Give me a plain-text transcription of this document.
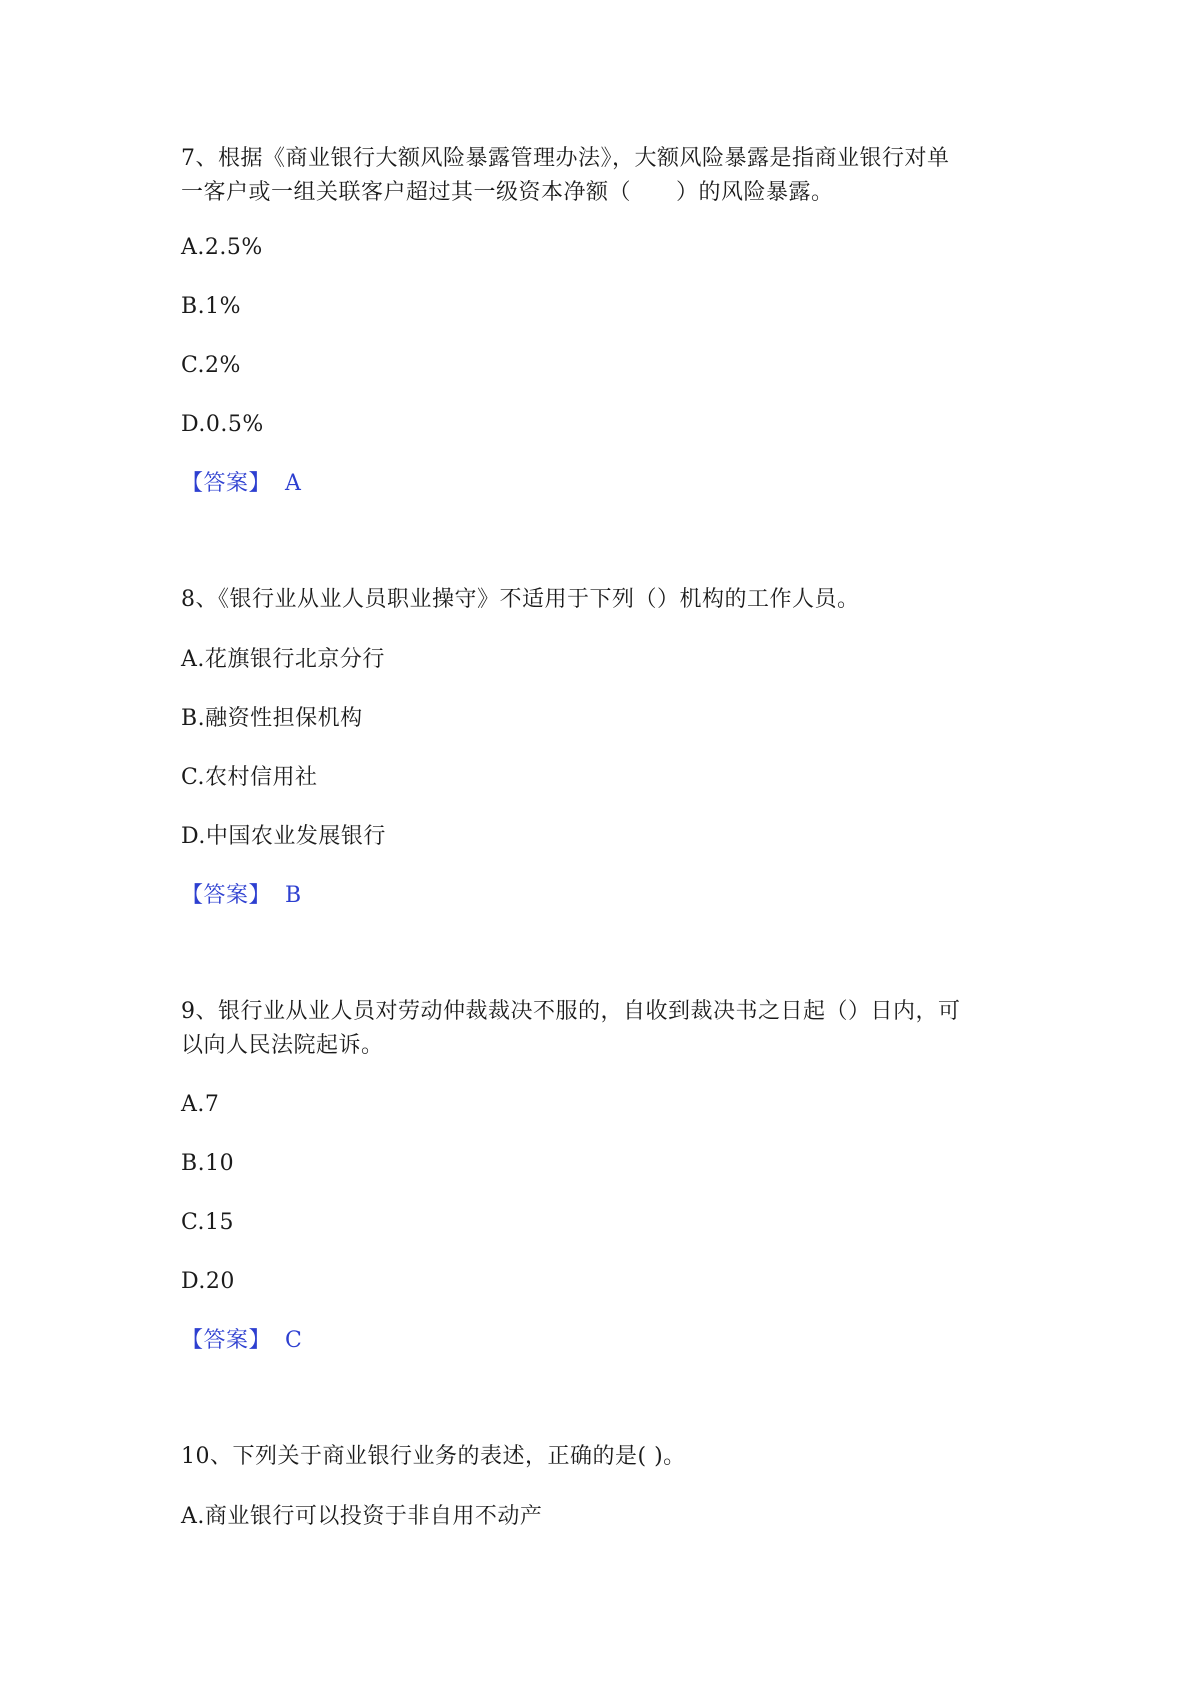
7、根据《商业银行大额风险暴露管理办法》，大额风险暴露是指商业银行对单
一客户或一组关联客户超过其一级资本净额（　　）的风险暴露。
A.2.5%
B.1%
C.2%
D.0.5%
【答案】 A
8、《银行业从业人员职业操守》不适用于下列（）机构的工作人员。
A.花旗银行北京分行
B.融资性担保机构
C.农村信用社
D.中国农业发展银行
【答案】 B
9、银行业从业人员对劳动仲裁裁决不服的，自收到裁决书之日起（）日内，可
以向人民法院起诉。
A.7
B.10
C.15
D.20
【答案】 C
10、下列关于商业银行业务的表述，正确的是( )。
A.商业银行可以投资于非自用不动产
